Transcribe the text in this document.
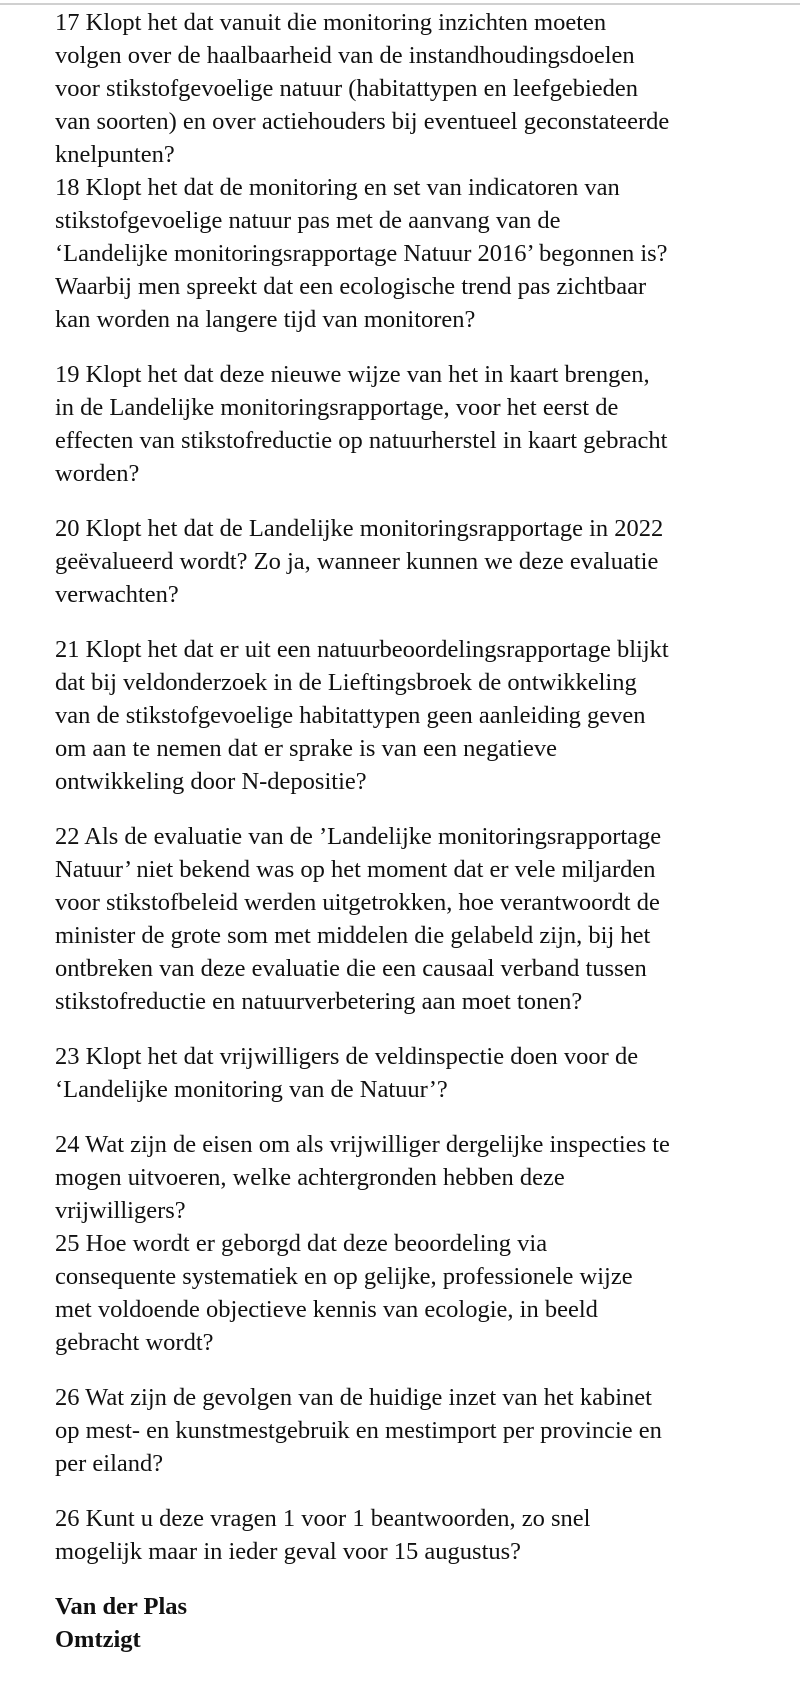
17 Klopt het dat vanuit die monitoring inzichten moeten
volgen over de haalbaarheid van de instandhoudingsdoelen
voor stikstofgevoelige natuur (habitattypen en leefgebieden
van soorten) en over actiehouders bij eventueel geconstateerde
knelpunten?
18 Klopt het dat de monitoring en set van indicatoren van
stikstofgevoelige natuur pas met de aanvang van de
‘Landelijke monitoringsrapportage Natuur 2016’ begonnen is?
Waarbij men spreekt dat een ecologische trend pas zichtbaar
kan worden na langere tijd van monitoren?
19 Klopt het dat deze nieuwe wijze van het in kaart brengen,
in de Landelijke monitoringsrapportage, voor het eerst de
effecten van stikstofreductie op natuurherstel in kaart gebracht
worden?
20 Klopt het dat de Landelijke monitoringsrapportage in 2022
geëvalueerd wordt? Zo ja, wanneer kunnen we deze evaluatie
verwachten?
21 Klopt het dat er uit een natuurbeoordelingsrapportage blijkt
dat bij veldonderzoek in de Lieftingsbroek de ontwikkeling
van de stikstofgevoelige habitattypen geen aanleiding geven
om aan te nemen dat er sprake is van een negatieve
ontwikkeling door N-depositie?
22 Als de evaluatie van de ’Landelijke monitoringsrapportage
Natuur’ niet bekend was op het moment dat er vele miljarden
voor stikstofbeleid werden uitgetrokken, hoe verantwoordt de
minister de grote som met middelen die gelabeld zijn, bij het
ontbreken van deze evaluatie die een causaal verband tussen
stikstofreductie en natuurverbetering aan moet tonen?
23 Klopt het dat vrijwilligers de veldinspectie doen voor de
‘Landelijke monitoring van de Natuur’?
24 Wat zijn de eisen om als vrijwilliger dergelijke inspecties te
mogen uitvoeren, welke achtergronden hebben deze
vrijwilligers?
25 Hoe wordt er geborgd dat deze beoordeling via
consequente systematiek en op gelijke, professionele wijze
met voldoende objectieve kennis van ecologie, in beeld
gebracht wordt?
26 Wat zijn de gevolgen van de huidige inzet van het kabinet
op mest- en kunstmestgebruik en mestimport per provincie en
per eiland?
26 Kunt u deze vragen 1 voor 1 beantwoorden, zo snel
mogelijk maar in ieder geval voor 15 augustus?
Van der Plas
Omtzigt
